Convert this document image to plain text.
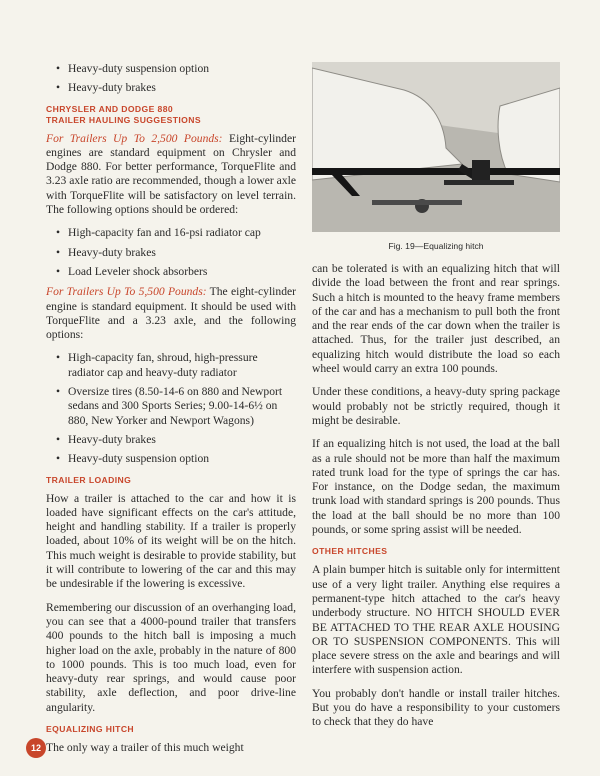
• Heavy-duty suspension option
• Heavy-duty brakes
CHRYSLER AND DODGE 880
TRAILER HAULING SUGGESTIONS

For Trailers Up To 2,500 Pounds: Eight-cylinder engines are standard equipment on Chrysler and Dodge 880. For better performance, TorqueFlite and 3.23 axle ratio are recommended, though a lower axle with TorqueFlite will be satisfactory on level terrain. The following options should be ordered:

• High-capacity fan and 16-psi radiator cap
• Heavy-duty brakes
• Load Leveler shock absorbers

For Trailers Up To 5,500 Pounds: The eight-cylinder engine is standard equipment. It should be used with TorqueFlite and a 3.23 axle, and the following options:

• High-capacity fan, shroud, high-pressure radiator cap and heavy-duty radiator
• Oversize tires (8.50-14-6 on 880 and Newport sedans and 300 Sports Series; 9.00-14-6½ on 880, New Yorker and Newport Wagons)
• Heavy-duty brakes
• Heavy-duty suspension option
TRAILER LOADING

How a trailer is attached to the car and how it is loaded have significant effects on the car's attitude, height and handling stability. If a trailer is properly loaded, about 10% of its weight will be on the hitch. This much weight is desirable to provide stability, but it will contribute to lowering of the car and this may be undesirable if the lowering is excessive.

Remembering our discussion of an overhanging load, you can see that a 4000-pound trailer that transfers 400 pounds to the hitch ball is imposing a much higher load on the axle, probably in the nature of 800 to 1000 pounds. This is too much load, even for heavy-duty rear springs, and would cause poor stability, axle deflection, and poor drive-line angularity.

EQUALIZING HITCH

The only way a trailer of this much weight

Fig. 19—Equalizing hitch

can be tolerated is with an equalizing hitch that will divide the load between the front and rear springs. Such a hitch is mounted to the heavy frame members of the car and has a mechanism to pull both the front and the rear ends of the car down when the trailer is attached. Thus, for the trailer just described, an equalizing hitch would distribute the load so each wheel would carry an extra 100 pounds.

Under these conditions, a heavy-duty spring package would probably not be strictly required, though it might be desirable.

If an equalizing hitch is not used, the load at the ball as a rule should not be more than half the maximum rated trunk load for the type of springs the car has. For instance, on the Dodge sedan, the maximum trunk load with standard springs is 200 pounds. Thus the load at the ball should be no more than 100 pounds, or some spring assist will be needed.

OTHER HITCHES

A plain bumper hitch is suitable only for intermittent use of a very light trailer. Anything else requires a permanent-type hitch attached to the car's heavy underbody structure. NO HITCH SHOULD EVER BE ATTACHED TO THE REAR AXLE HOUSING OR TO SUSPENSION COMPONENTS. This will place severe stress on the axle and bearings and will interfere with suspension action.

You probably don't handle or install trailer hitches. But you do have a responsibility to your customers to check that they do have

12
